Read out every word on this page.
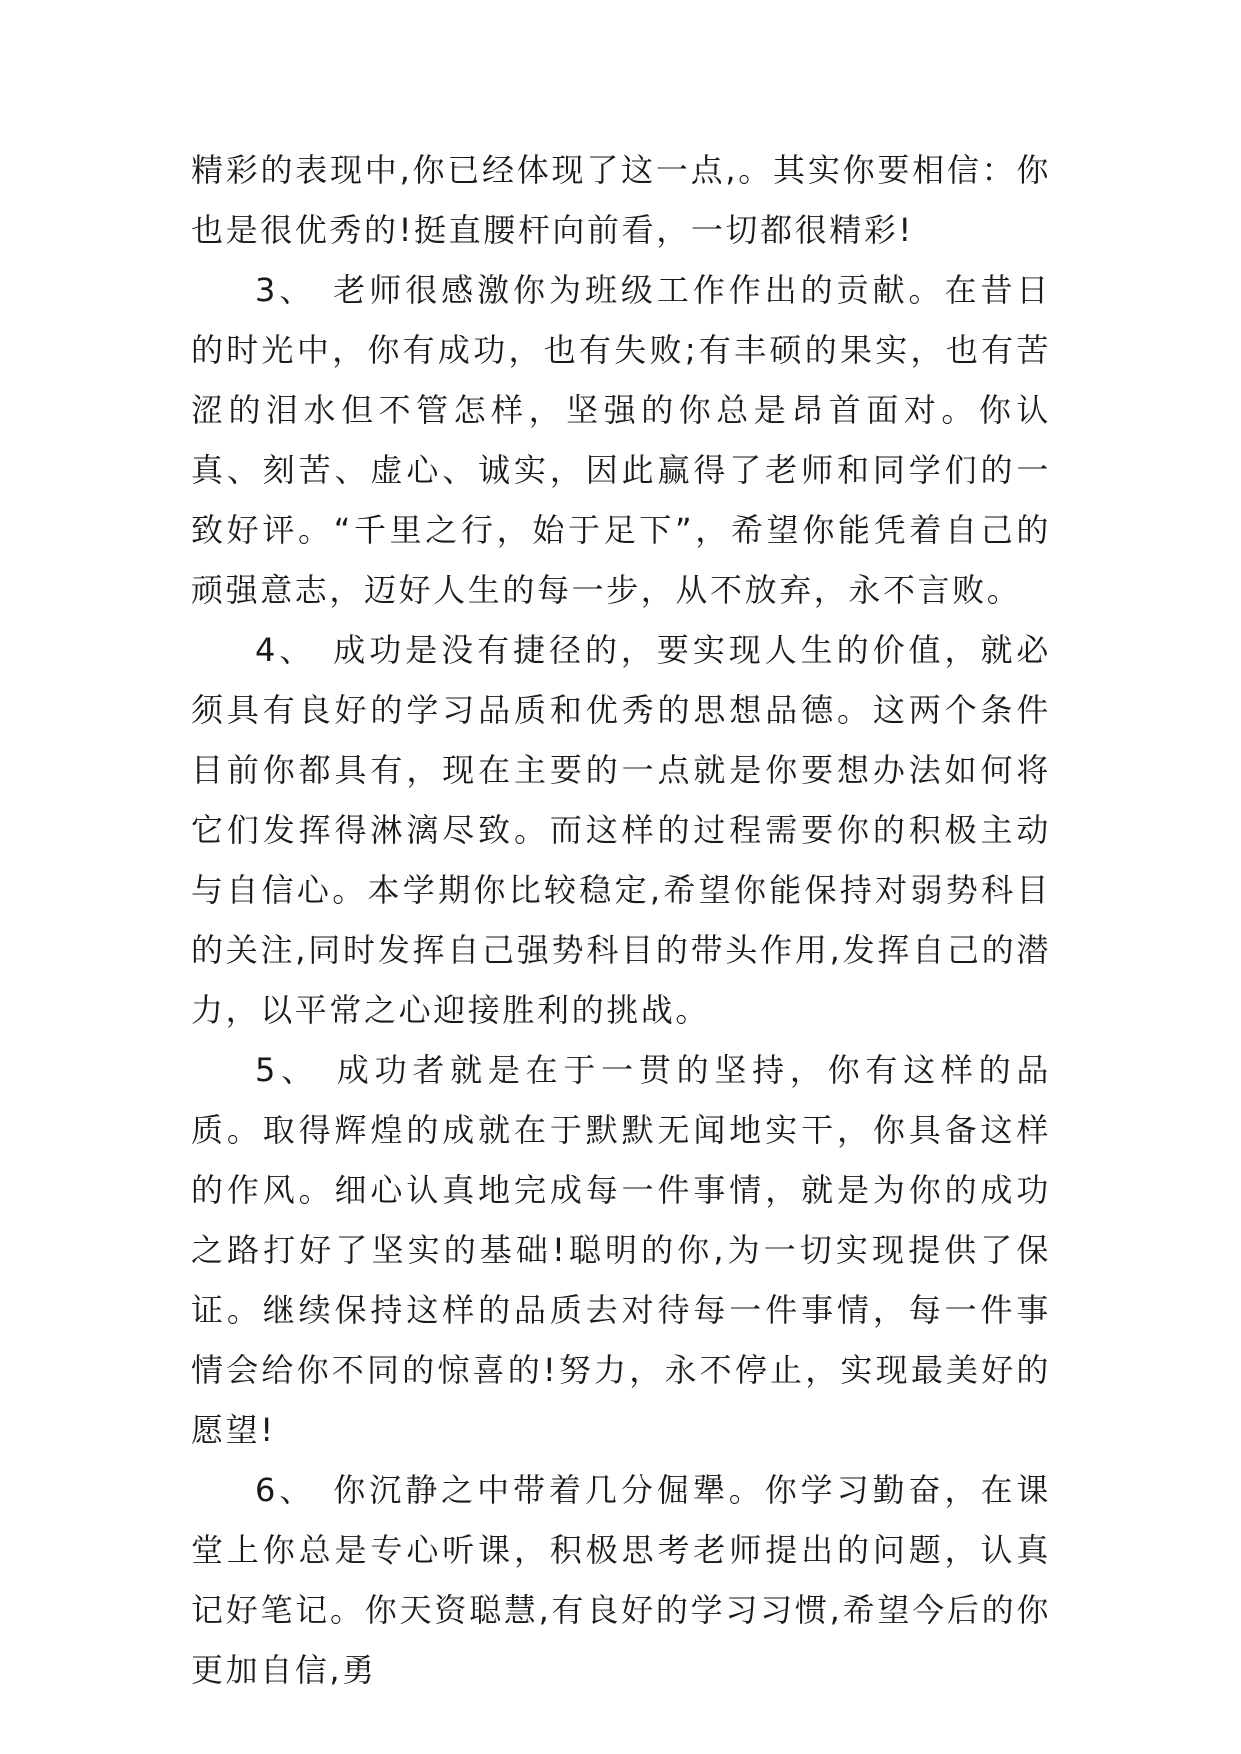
精彩的表现中,你已经体现了这一点,。其实你要相信：你也是很优秀的!挺直腰杆向前看，一切都很精彩!

3、 老师很感激你为班级工作作出的贡献。在昔日的时光中，你有成功，也有失败;有丰硕的果实，也有苦涩的泪水但不管怎样，坚强的你总是昂首面对。你认真、刻苦、虚心、诚实，因此赢得了老师和同学们的一致好评。“千里之行，始于足下”，希望你能凭着自己的顽强意志，迈好人生的每一步，从不放弃，永不言败。

4、 成功是没有捷径的，要实现人生的价值，就必须具有良好的学习品质和优秀的思想品德。这两个条件目前你都具有，现在主要的一点就是你要想办法如何将它们发挥得淋漓尽致。而这样的过程需要你的积极主动与自信心。本学期你比较稳定,希望你能保持对弱势科目的关注,同时发挥自己强势科目的带头作用,发挥自己的潜力，以平常之心迎接胜利的挑战。

5、 成功者就是在于一贯的坚持，你有这样的品质。取得辉煌的成就在于默默无闻地实干，你具备这样的作风。细心认真地完成每一件事情，就是为你的成功之路打好了坚实的基础!聪明的你,为一切实现提供了保证。继续保持这样的品质去对待每一件事情，每一件事情会给你不同的惊喜的!努力，永不停止，实现最美好的愿望!

6、 你沉静之中带着几分倔犟。你学习勤奋，在课堂上你总是专心听课，积极思考老师提出的问题，认真记好笔记。你天资聪慧,有良好的学习习惯,希望今后的你更加自信,勇
